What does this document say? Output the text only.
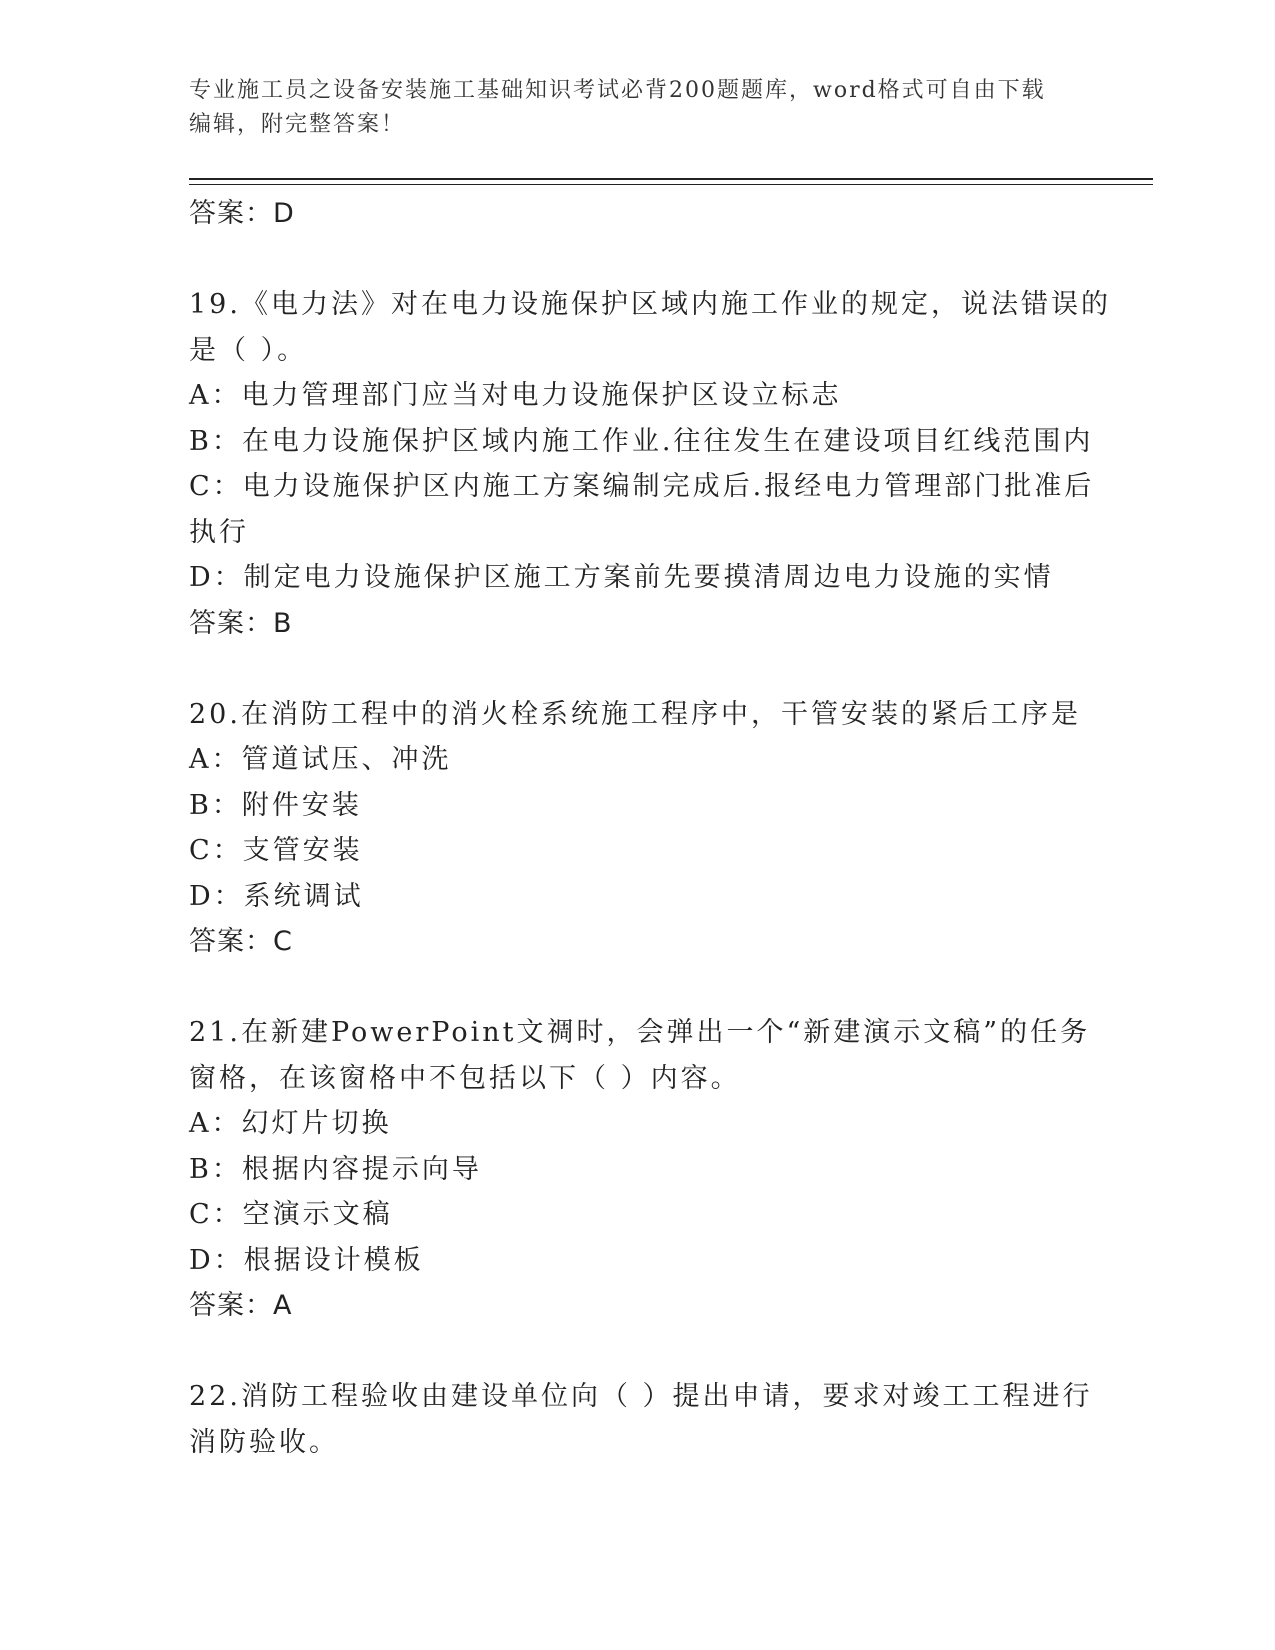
专业施工员之设备安装施工基础知识考试必背200题题库，word格式可自由下载
编辑，附完整答案！
答案：D
19.《电力法》对在电力设施保护区域内施工作业的规定，说法错误的
是（ ）。
A：电力管理部门应当对电力设施保护区设立标志
B：在电力设施保护区域内施工作业.往往发生在建设项目红线范围内
C：电力设施保护区内施工方案编制完成后.报经电力管理部门批准后
执行
D：制定电力设施保护区施工方案前先要摸清周边电力设施的实情
答案：B
20.在消防工程中的消火栓系统施工程序中，干管安装的紧后工序是
A：管道试压、冲洗
B：附件安装
C：支管安装
D：系统调试
答案：C
21.在新建PowerPoint文禂时，会弹出一个“新建演示文稿”的任务
窗格，在该窗格中不包括以下（ ）内容。
A：幻灯片切换
B：根据内容提示向导
C：空演示文稿
D：根据设计模板
答案：A
22.消防工程验收由建设单位向（ ）提出申请，要求对竣工工程进行
消防验收。
